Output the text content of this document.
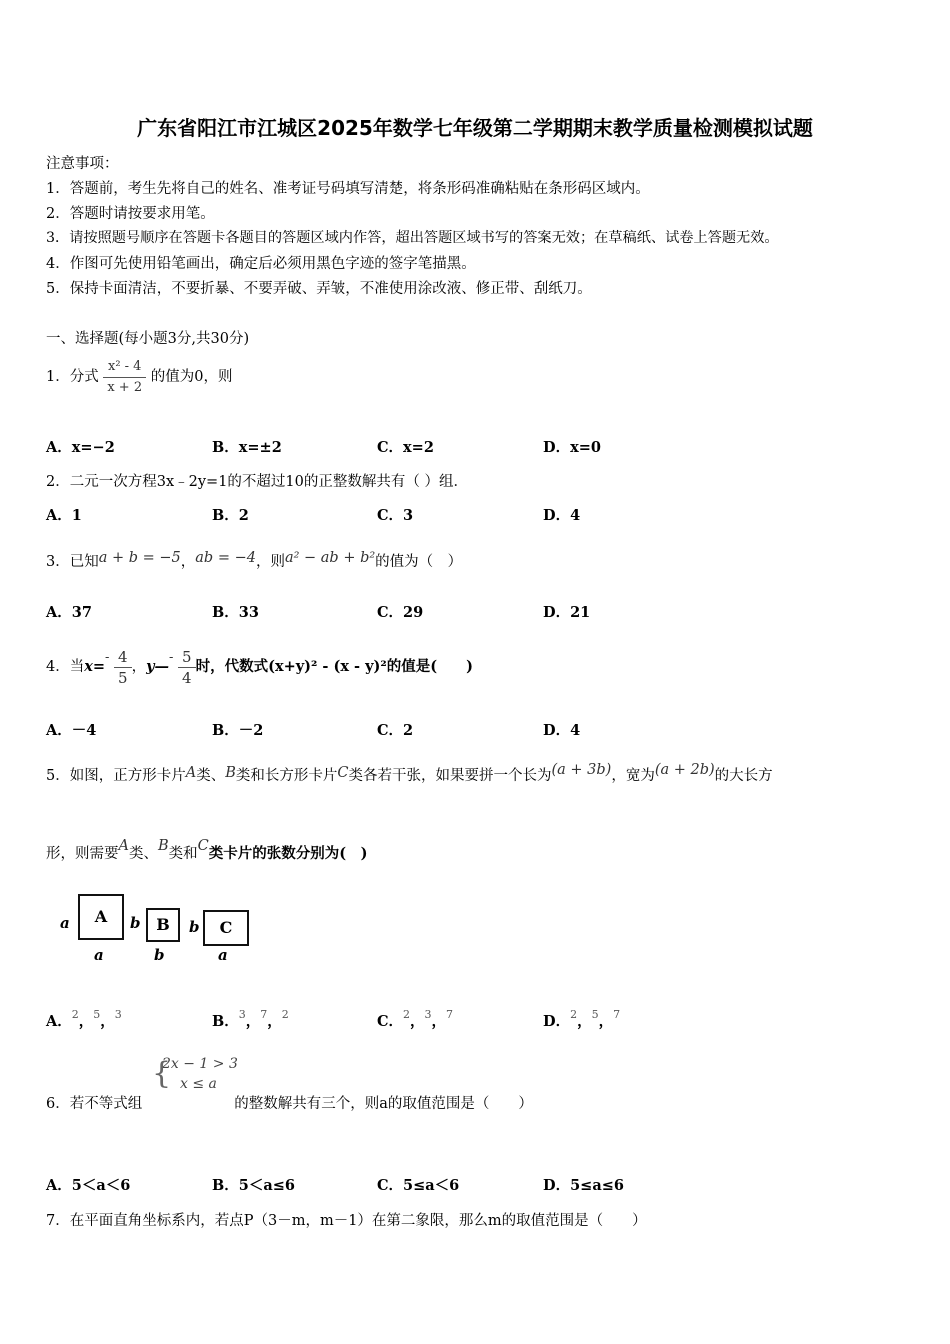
广东省阳江市江城区2025年数学七年级第二学期期末教学质量检测模拟试题
注意事项：
1．答题前，考生先将自己的姓名、准考证号码填写清楚，将条形码准确粘贴在条形码区域内。
2．答题时请按要求用笔。
3．请按照题号顺序在答题卡各题目的答题区域内作答，超出答题区域书写的答案无效；在草稿纸、试卷上答题无效。
4．作图可先使用铅笔画出，确定后必须用黑色字迹的签字笔描黑。
5．保持卡面清洁，不要折暴、不要弄破、弄皱，不准使用涂改液、修正带、刮纸刀。
一、选择题(每小题3分,共30分)
1．分式 $\frac{\text{x² - 4}}{x + 2}$ 的值为0，则
A．x=−2	B．x=±2	C．x=2	D．x=0
2．二元一次方程3x﹣2y=1的不超过10的正整数解共有（ ）组．
A．1	B．2	C．3	D．4
3．已知a + b = −5，ab = −4，则a² − ab + b²的值为（　）
A．37	B．33	C．29	D．21
4．当$x=- \frac{4}{5}$ ，y—- $\frac{5}{4}$ 时，代数式(x+y)² - (x - y)²的值是(　　)
A．－4	B．－2	C．2	D．4
5．如图，正方形卡片A类、B类和长方形卡片C类各若干张，如果要拼一个长为(a + 3b)，宽为(a + 2b)的大长方
形，则需要A类、B类和C类卡片的张数分别为(　)
a	A
a
b B
b
b	C
a
A．$^2$，$^5$，$^3$	B．$^3$，$^7$，$^2$	C．$^2$，$^3$，$^7$	D．$^2$，$^5$，$^7$
{
2x − 1 > 3
x ≤ a
6．若不等式组	的整数解共有三个，则a的取值范围是（　　）
A．5＜a＜6	B．5＜a≤6	C．5≤a＜6	D．5≤a≤6
7．在平面直角坐标系内，若点P（3－m，m－1）在第二象限，那么m的取值范围是（　　）
